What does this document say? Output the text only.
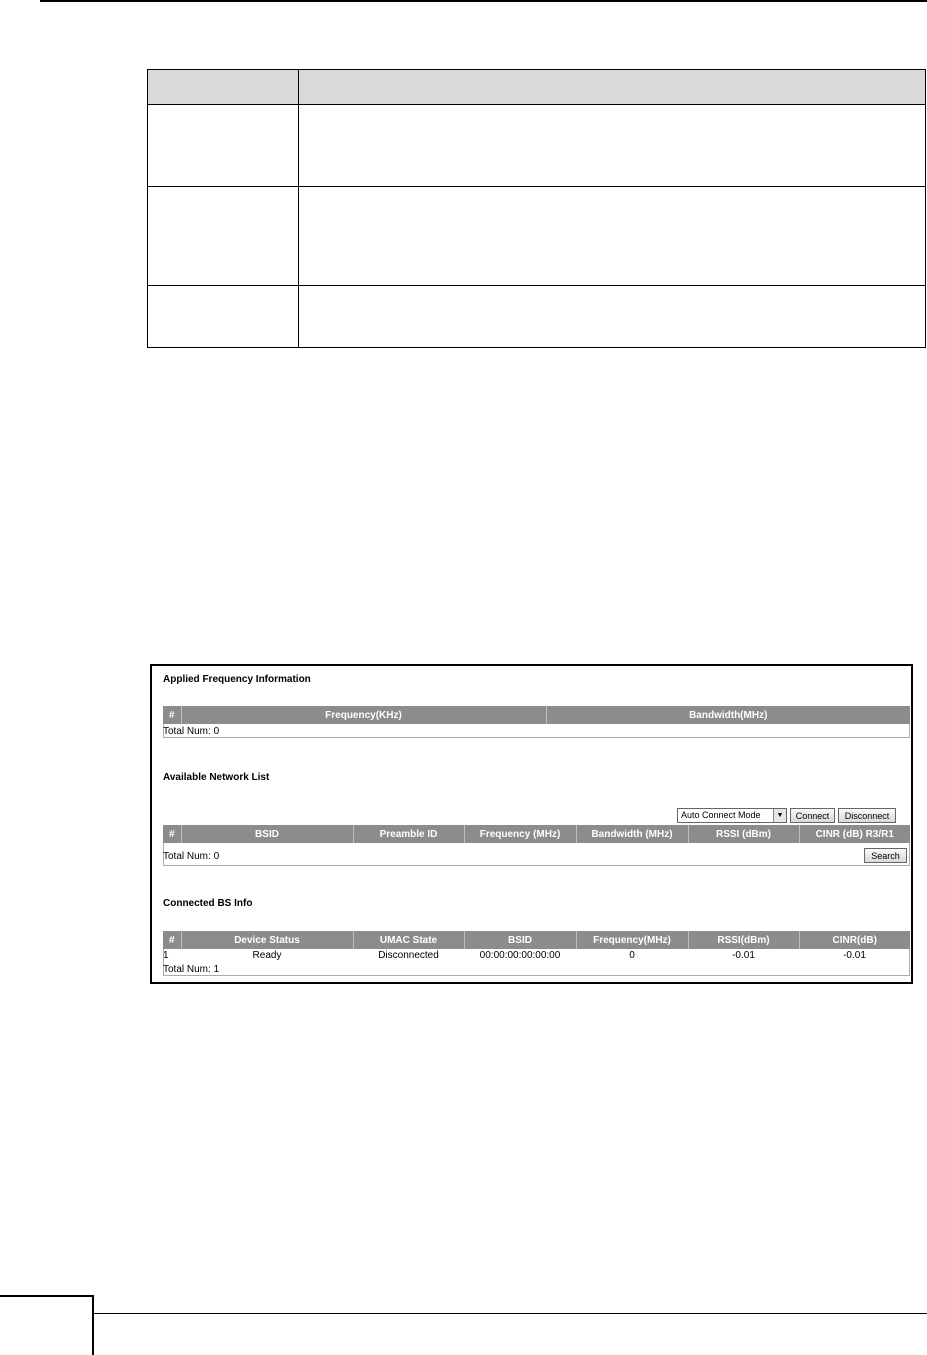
Applied Frequency Information
#	Frequency(KHz)	Bandwidth(MHz)
Total Num: 0
Available Network List
Auto Connect Mode	▼	Connect	Disconnect
#	BSID	Preamble ID	Frequency (MHz)	Bandwidth (MHz)	RSSI (dBm)	CINR (dB) R3/R1
Total Num: 0	Search
Connected BS Info
#	Device Status	UMAC State	BSID	Frequency(MHz)	RSSI(dBm)	CINR(dB)
1	Ready	Disconnected	00:00:00:00:00:00	0	-0.01	-0.01
Total Num: 1
